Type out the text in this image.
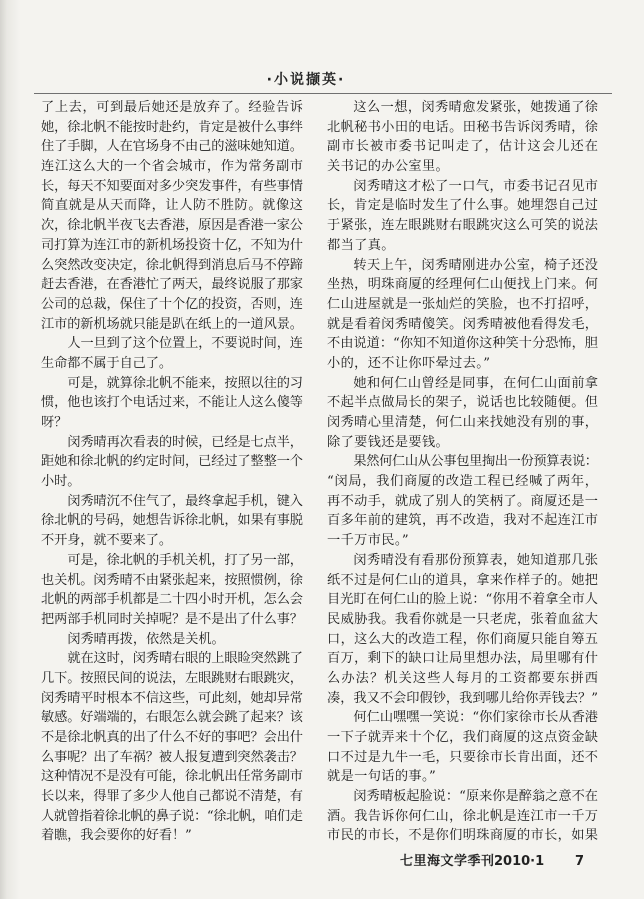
·小说撷英·
了上去，可到最后她还是放弃了。经验告诉
她，徐北帆不能按时赴约，肯定是被什么事绊
住了手脚，人在官场身不由己的滋味她知道。
连江这么大的一个省会城市，作为常务副市
长，每天不知要面对多少突发事件，有些事情
简直就是从天而降，让人防不胜防。就像这
次，徐北帆半夜飞去香港，原因是香港一家公
司打算为连江市的新机场投资十亿，不知为什
么突然改变决定，徐北帆得到消息后马不停蹄
赶去香港，在香港忙了两天，最终说服了那家
公司的总裁，保住了十个亿的投资，否则，连
江市的新机场就只能是趴在纸上的一道风景。
人一旦到了这个位置上，不要说时间，连
生命都不属于自己了。
可是，就算徐北帆不能来，按照以往的习
惯，他也该打个电话过来，不能让人这么傻等
呀？
闵秀晴再次看表的时候，已经是七点半，
距她和徐北帆的约定时间，已经过了整整一个
小时。
闵秀晴沉不住气了，最终拿起手机，键入
徐北帆的号码，她想告诉徐北帆，如果有事脱
不开身，就不要来了。
可是，徐北帆的手机关机，打了另一部，
也关机。闵秀晴不由紧张起来，按照惯例，徐
北帆的两部手机都是二十四小时开机，怎么会
把两部手机同时关掉呢？是不是出了什么事？
闵秀晴再拨，依然是关机。
就在这时，闵秀晴右眼的上眼睑突然跳了
几下。按照民间的说法，左眼跳财右眼跳灾，
闵秀晴平时根本不信这些，可此刻，她却异常
敏感。好端端的，右眼怎么就会跳了起来？该
不是徐北帆真的出了什么不好的事吧？会出什
么事呢？出了车祸？被人报复遭到突然袭击？
这种情况不是没有可能，徐北帆出任常务副市
长以来，得罪了多少人他自己都说不清楚，有
人就曾指着徐北帆的鼻子说：“徐北帆，咱们走
着瞧，我会要你的好看！”
这么一想，闵秀晴愈发紧张，她拨通了徐
北帆秘书小田的电话。田秘书告诉闵秀晴，徐
副市长被市委书记叫走了，估计这会儿还在
关书记的办公室里。
闵秀晴这才松了一口气，市委书记召见市
长，肯定是临时发生了什么事。她埋怨自己过
于紧张，连左眼跳财右眼跳灾这么可笑的说法
都当了真。
转天上午，闵秀晴刚进办公室，椅子还没
坐热，明珠商厦的经理何仁山便找上门来。何
仁山进屋就是一张灿烂的笑脸，也不打招呼，
就是看着闵秀晴傻笑。闵秀晴被他看得发毛，
不由说道：“你知不知道你这种笑十分恐怖，胆
小的，还不让你吓晕过去。”
她和何仁山曾经是同事，在何仁山面前拿
不起半点做局长的架子，说话也比较随便。但
闵秀晴心里清楚，何仁山来找她没有别的事，
除了要钱还是要钱。
果然何仁山从公事包里掏出一份预算表说：
“闵局，我们商厦的改造工程已经喊了两年，
再不动手，就成了别人的笑柄了。商厦还是一
百多年前的建筑，再不改造，我对不起连江市
一千万市民。”
闵秀晴没有看那份预算表，她知道那几张
纸不过是何仁山的道具，拿来作样子的。她把
目光盯在何仁山的脸上说：“你用不着拿全市人
民威胁我。我看你就是一只老虎，张着血盆大
口，这么大的改造工程，你们商厦只能自筹五
百万，剩下的缺口让局里想办法，局里哪有什
么办法？机关这些人每月的工资都要东拼西
凑，我又不会印假钞，我到哪儿给你弄钱去？”
何仁山嘿嘿一笑说：“你们家徐市长从香港
一下子就弄来十个亿，我们商厦的这点资金缺
口不过是九牛一毛，只要徐市长肯出面，还不
就是一句话的事。”
闵秀晴板起脸说：“原来你是醉翁之意不在
酒。我告诉你何仁山，徐北帆是连江市一千万
市民的市长，不是你们明珠商厦的市长，如果
七里海文学季刊 2010·1 7
